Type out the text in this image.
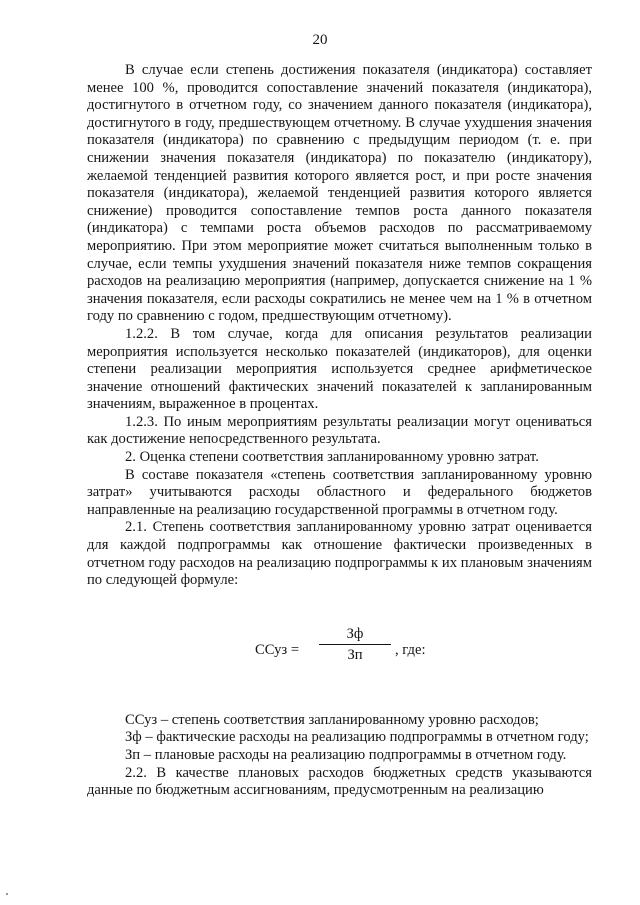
20

В случае если степень достижения показателя (индикатора) составляет менее 100 %, проводится сопоставление значений показателя (индикатора), достигнутого в отчетном году, со значением данного показателя (индикатора), достигнутого в году, предшествующем отчетному. В случае ухудшения значения показателя (индикатора) по сравнению с предыдущим периодом (т. е. при снижении значения показателя (индикатора) по показателю (индикатору), желаемой тенденцией развития которого является рост, и при росте значения показателя (индикатора), желаемой тенденцией развития которого является снижение) проводится сопоставление темпов роста данного показателя (индикатора) с темпами роста объемов расходов по рассматриваемому мероприятию. При этом мероприятие может считаться выполненным только в случае, если темпы ухудшения значений показателя ниже темпов сокращения расходов на реализацию мероприятия (например, допускается снижение на 1 % значения показателя, если расходы сократились не менее чем на 1 % в отчетном году по сравнению с годом, предшествующим отчетному).

1.2.2. В том случае, когда для описания результатов реализации мероприятия используется несколько показателей (индикаторов), для оценки степени реализации мероприятия используется среднее арифметическое значение отношений фактических значений показателей к запланированным значениям, выраженное в процентах.

1.2.3. По иным мероприятиям результаты реализации могут оцениваться как достижение непосредственного результата.

2. Оценка степени соответствия запланированному уровню затрат.

В составе показателя «степень соответствия запланированному уровню затрат» учитываются расходы областного и федерального бюджетов направленные на реализацию государственной программы в отчетном году.

2.1. Степень соответствия запланированному уровню затрат оценивается для каждой подпрограммы как отношение фактически произведенных в отчетном году расходов на реализацию подпрограммы к их плановым значениям по следующей формуле:

ССуз =
Зф
Зп	, где:

ССуз – степень соответствия запланированному уровню расходов;

Зф – фактические расходы на реализацию подпрограммы в отчетном году;

Зп – плановые расходы на реализацию подпрограммы в отчетном году.

2.2. В качестве плановых расходов бюджетных средств указываются данные по бюджетным ассигнованиям, предусмотренным на реализацию
